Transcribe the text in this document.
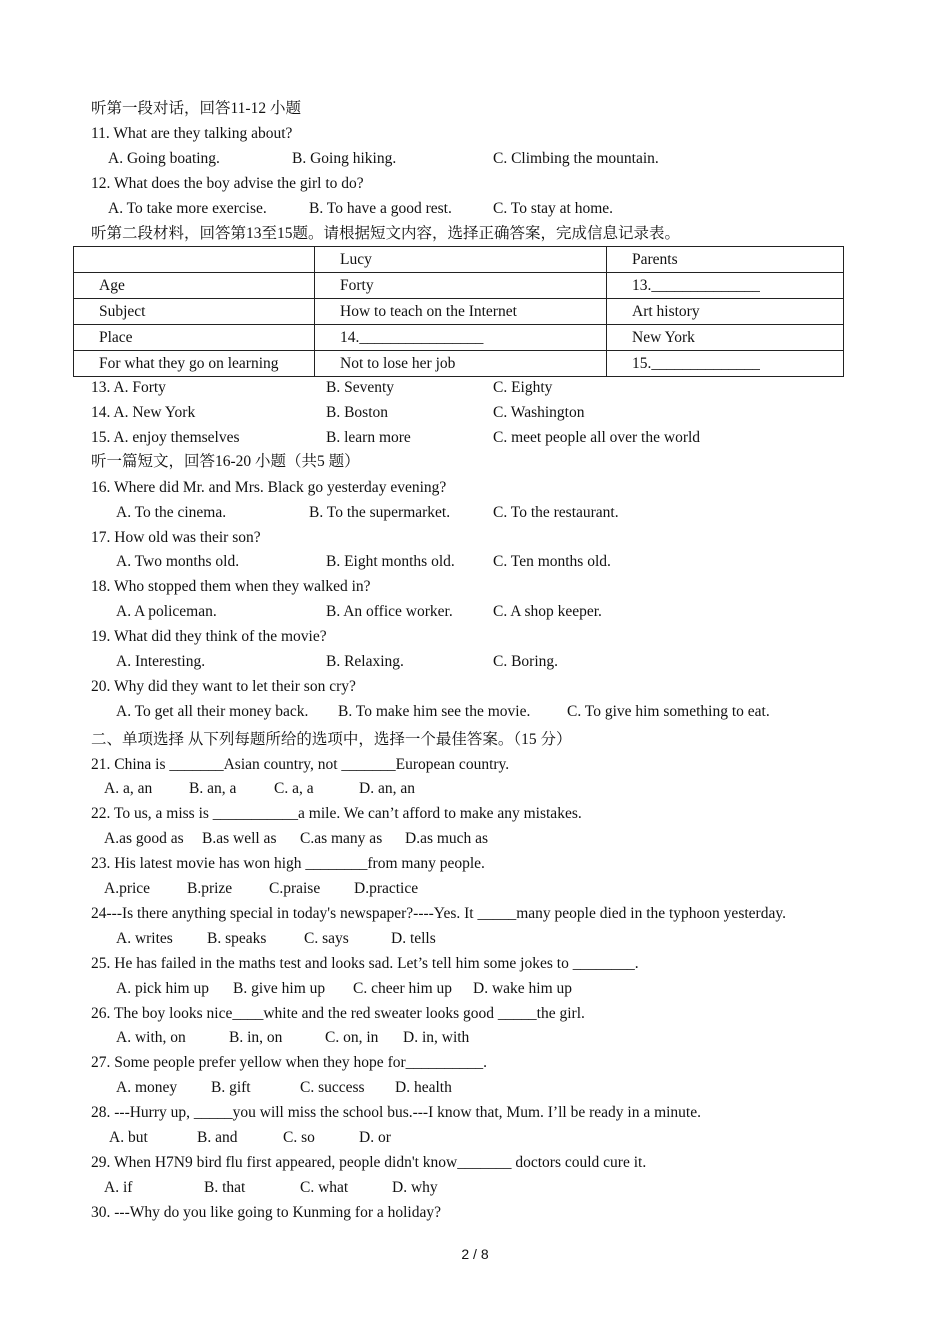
听第一段对话，回答11-12 小题
11. What are they talking about?
A. Going boating.	B. Going hiking.	C. Climbing the mountain.
12. What does the boy advise the girl to do?
A. To take more exercise.	B. To have a good rest.	C. To stay at home.
听第二段材料，回答第13至15题。请根据短文内容，选择正确答案，完成信息记录表。
	Lucy	Parents
Age	Forty	13.______________
Subject	How to teach on the Internet	Art history
Place	14.________________	New York
For what they go on learning	Not to lose her job	15.______________
13. A. Forty	B. Seventy	C. Eighty
14. A. New York	B. Boston	C. Washington
15. A. enjoy themselves	B. learn more	C. meet people all over the world
听一篇短文，回答16-20 小题（共5 题）
16. Where did Mr. and Mrs. Black go yesterday evening?
A. To the cinema.	B. To the supermarket.	C. To the restaurant.
17. How old was their son?
A. Two months old.	B. Eight months old. C. Ten months old.
18. Who stopped them when they walked in?
A. A policeman.	B. An office worker.	C. A shop keeper.
19. What did they think of the movie?
A. Interesting.	B. Relaxing.	C. Boring.
20. Why did they want to let their son cry?
A. To get all their money back. B. To make him see the movie. C. To give him something to eat.
二、单项选择 从下列每题所给的选项中，选择一个最佳答案。（15 分）
21. China is _______Asian country, not _______European country.
A. a, an B. an, a C. a, a	D. an, an
22. To us, a miss is ___________a mile. We can’t afford to make any mistakes.
A.as good as B.as well as C.as many as D.as much as
23. His latest movie has won high ________from many people.
A.price B.prize C.praise D.practice
24---Is there anything special in today's newspaper?----Yes. It _____many people died in the typhoon yesterday.
A. writes B. speaks C. says	D. tells
25. He has failed in the maths test and looks sad. Let’s tell him some jokes to ________.
A. pick him up B. give him up C. cheer him up D. wake him up
26. The boy looks nice____white and the red sweater looks good _____the girl.
A. with, on	B. in, on	C. on, in D. in, with
27. Some people prefer yellow when they hope for__________.
A. money B. gift	C. success D. health
28. ---Hurry up, _____you will miss the school bus.---I know that, Mum. I’ll be ready in a minute.
A. but	B. and	C. so	D. or
29. When H7N9 bird flu first appeared, people didn't know_______ doctors could cure it.
A. if	B. that	C. what	D. why
30. ---Why do you like going to Kunming for a holiday?
2 / 8
